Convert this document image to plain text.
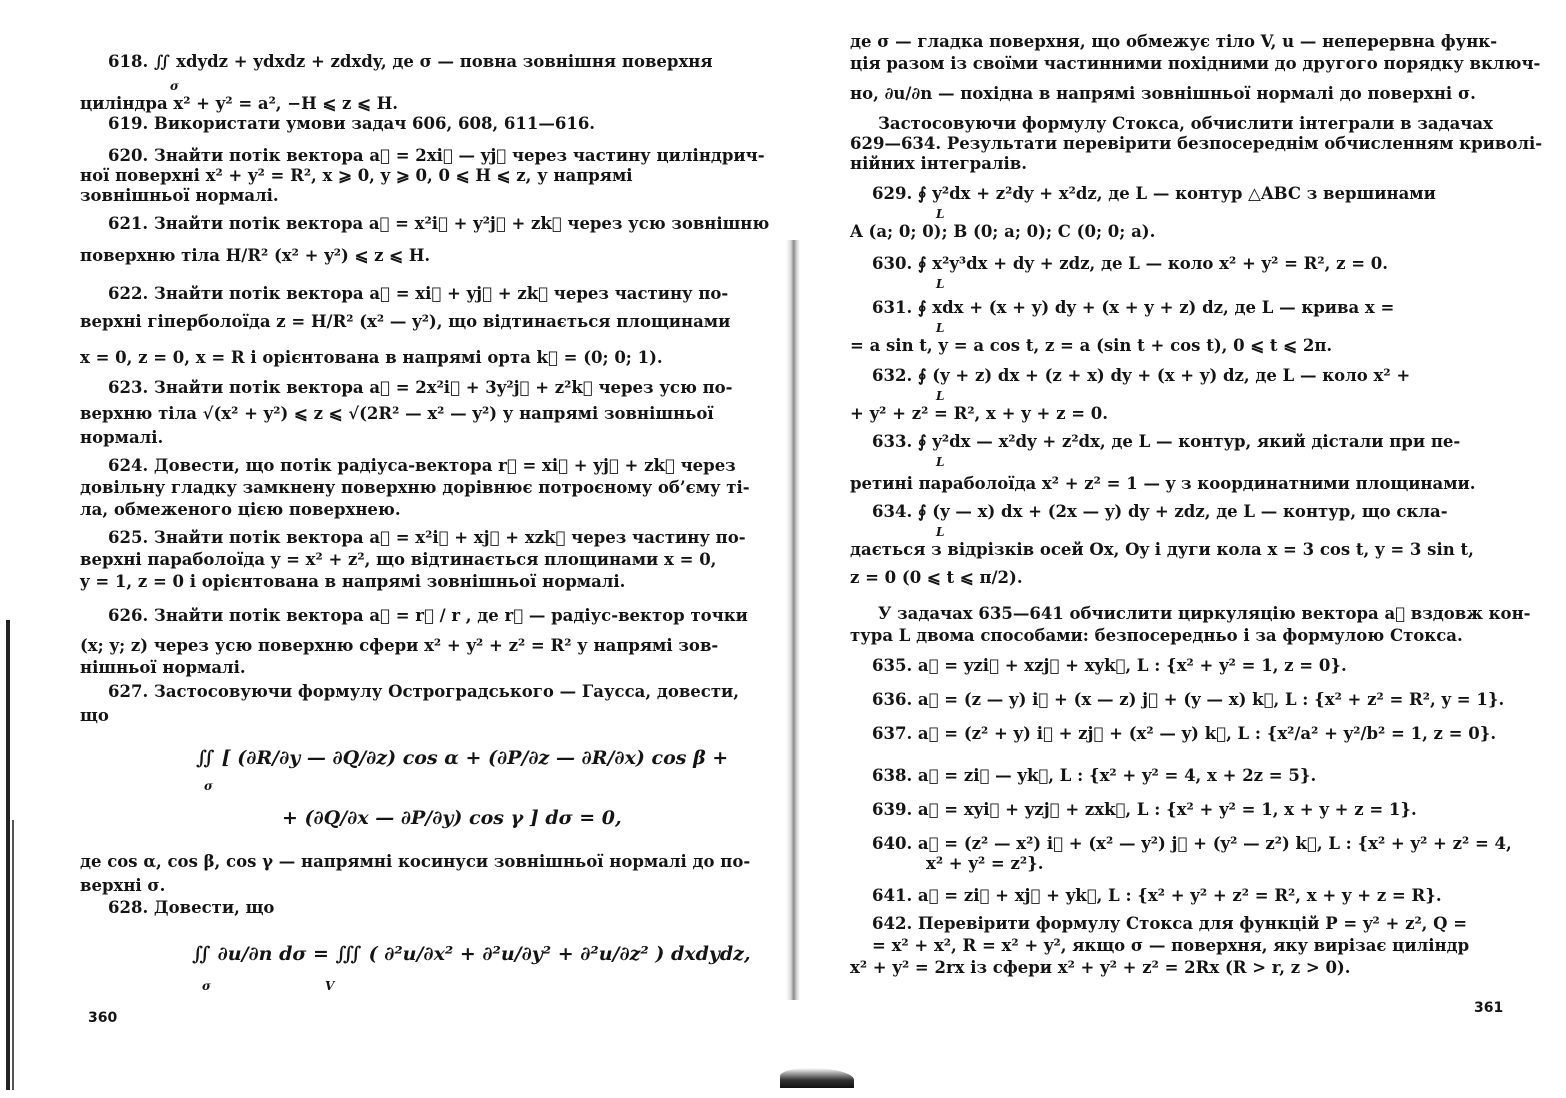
618. ∬ xdydz + ydxdz + zdxdy, де σ — повна зовнішня поверхня
σ
циліндра x² + y² = a², −H ⩽ z ⩽ H.
619. Використати умови задач 606, 608, 611—616.
620. Знайти потік вектора a⃗ = 2xi⃗ — yj⃗ через частину циліндрич-
ної поверхні x² + y² = R², x ⩾ 0, y ⩾ 0, 0 ⩽ H ⩽ z, у напрямі
зовнішньої нормалі.
621. Знайти потік вектора a⃗ = x²i⃗ + y²j⃗ + zk⃗ через усю зовнішню
поверхню тіла H/R² (x² + y²) ⩽ z ⩽ H.
622. Знайти потік вектора a⃗ = xi⃗ + yj⃗ + zk⃗ через частину по-
верхні гіперболоїда z = H/R² (x² — y²), що відтинається площинами
x = 0, z = 0, x = R і орієнтована в напрямі орта k⃗ = (0; 0; 1).
623. Знайти потік вектора a⃗ = 2x²i⃗ + 3y²j⃗ + z²k⃗ через усю по-
верхню тіла √(x² + y²) ⩽ z ⩽ √(2R² — x² — y²) у напрямі зовнішньої
нормалі.
624. Довести, що потік радіуса-вектора r⃗ = xi⃗ + yj⃗ + zk⃗ через
довільну гладку замкнену поверхню дорівнює потроєному об’єму ті-
ла, обмеженого цією поверхнею.
625. Знайти потік вектора a⃗ = x²i⃗ + xj⃗ + xzk⃗ через частину по-
верхні параболоїда y = x² + z², що відтинається площинами x = 0,
y = 1, z = 0 і орієнтована в напрямі зовнішньої нормалі.
626. Знайти потік вектора a⃗ = r⃗ / r , де r⃗ — радіус-вектор точки
(x; y; z) через усю поверхню сфери x² + y² + z² = R² у напрямі зов-
нішньої нормалі.
627. Застосовуючи формулу Остроградського — Гаусса, довести,
що
∬ [ (∂R/∂y — ∂Q/∂z) cos α + (∂P/∂z — ∂R/∂x) cos β +
σ
+ (∂Q/∂x — ∂P/∂y) cos γ ] dσ = 0,
де cos α, cos β, cos γ — напрямні косинуси зовнішньої нормалі до по-
верхні σ.
628. Довести, що
∬ ∂u/∂n dσ = ∭ ( ∂²u/∂x² + ∂²u/∂y² + ∂²u/∂z² ) dxdydz,
σ V
360
де σ — гладка поверхня, що обмежує тіло V, u — неперервна функ-
ція разом із своїми частинними похідними до другого порядку включ-
но, ∂u/∂n — похідна в напрямі зовнішньої нормалі до поверхні σ.
Застосовуючи формулу Стокса, обчислити інтеграли в задачах
629—634. Результати перевірити безпосереднім обчисленням криволі-
нійних інтегралів.
629. ∮ y²dx + z²dy + x²dz, де L — контур △ABC з вершинами
L
A (a; 0; 0); B (0; a; 0); C (0; 0; a).
630. ∮ x²y³dx + dy + zdz, де L — коло x² + y² = R², z = 0.
L
631. ∮ xdx + (x + y) dy + (x + y + z) dz, де L — крива x =
L
= a sin t, y = a cos t, z = a (sin t + cos t), 0 ⩽ t ⩽ 2π.
632. ∮ (y + z) dx + (z + x) dy + (x + y) dz, де L — коло x² +
L
+ y² + z² = R², x + y + z = 0.
633. ∮ y²dx — x²dy + z²dx, де L — контур, який дістали при пе-
L
ретині параболоїда x² + z² = 1 — y з координатними площинами.
634. ∮ (y — x) dx + (2x — y) dy + zdz, де L — контур, що скла-
L
дається з відрізків осей Ox, Oy і дуги кола x = 3 cos t, y = 3 sin t,
z = 0 (0 ⩽ t ⩽ π/2).
У задачах 635—641 обчислити циркуляцію вектора a⃗ вздовж кон-
тура L двома способами: безпосередньо і за формулою Стокса.
635. a⃗ = yzi⃗ + xzj⃗ + xyk⃗, L : {x² + y² = 1, z = 0}.
636. a⃗ = (z — y) i⃗ + (x — z) j⃗ + (y — x) k⃗, L : {x² + z² = R², y = 1}.
637. a⃗ = (z² + y) i⃗ + zj⃗ + (x² — y) k⃗, L : {x²/a² + y²/b² = 1, z = 0}.
638. a⃗ = zi⃗ — yk⃗, L : {x² + y² = 4, x + 2z = 5}.
639. a⃗ = xyi⃗ + yzj⃗ + zxk⃗, L : {x² + y² = 1, x + y + z = 1}.
640. a⃗ = (z² — x²) i⃗ + (x² — y²) j⃗ + (y² — z²) k⃗, L : {x² + y² + z² = 4,
x² + y² = z²}.
641. a⃗ = zi⃗ + xj⃗ + yk⃗, L : {x² + y² + z² = R², x + y + z = R}.
642. Перевірити формулу Стокса для функцій P = y² + z², Q =
= x² + x², R = x² + y², якщо σ — поверхня, яку вирізає циліндр
x² + y² = 2rx із сфери x² + y² + z² = 2Rx (R > r, z > 0).
361
